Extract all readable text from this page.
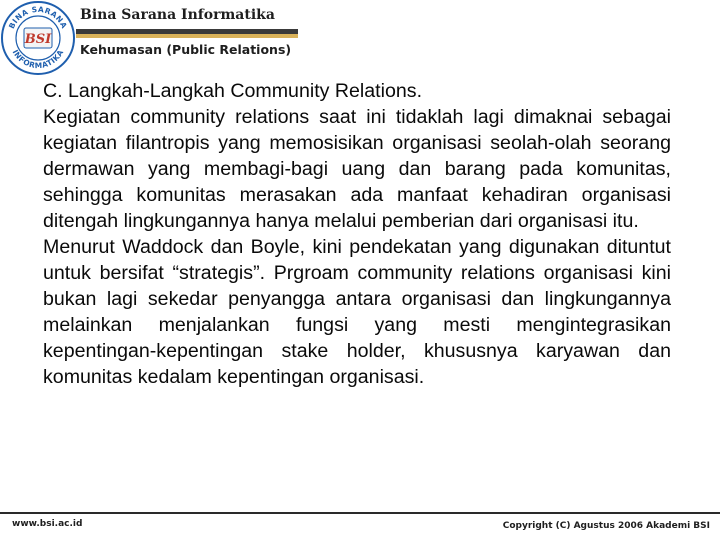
BINA SARANA
INFORMATIKA
BSI
Bina Sarana Informatika
Kehumasan (Public Relations)

C. Langkah-Langkah Community Relations.

Kegiatan community relations saat ini tidaklah lagi dimaknai sebagai kegiatan filantropis yang memosisikan organisasi seolah-olah seorang dermawan yang membagi-bagi uang dan barang pada komunitas, sehingga komunitas merasakan ada manfaat kehadiran organisasi ditengah lingkungannya hanya melalui pemberian dari organisasi itu.

Menurut Waddock dan Boyle, kini pendekatan yang digunakan dituntut untuk bersifat “strategis”. Prgroam community relations organisasi kini bukan lagi sekedar penyangga antara organisasi dan lingkungannya melainkan menjalankan fungsi yang mesti mengintegrasikan kepentingan-kepentingan stake holder, khususnya karyawan dan komunitas kedalam kepentingan organisasi.

www.bsi.ac.id	Copyright (C) Agustus 2006 Akademi BSI
